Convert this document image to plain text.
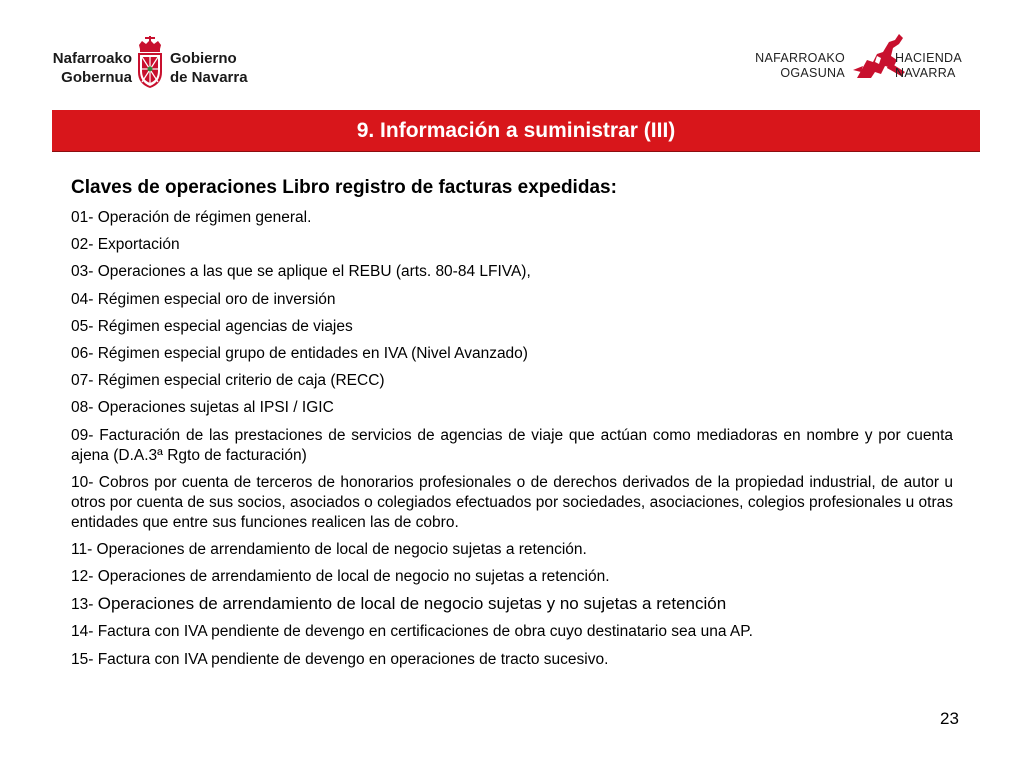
Nafarroako
Gobernua
Gobierno
de Navarra
NAFARROAKO
OGASUNA
HACIENDA
NAVARRA
9. Información a suministrar (III)
Claves de operaciones Libro registro de facturas expedidas:
01- Operación de régimen general.
02- Exportación
03- Operaciones a las que se aplique el REBU (arts. 80-84 LFIVA),
04- Régimen especial oro de inversión
05- Régimen especial agencias de viajes
06- Régimen especial grupo de entidades en IVA (Nivel Avanzado)
07- Régimen especial criterio de caja (RECC)
08- Operaciones sujetas al IPSI / IGIC
09- Facturación de las prestaciones de servicios de agencias de viaje que actúan como mediadoras en nombre y por cuenta ajena (D.A.3ª Rgto de facturación)
10- Cobros por cuenta de terceros de honorarios profesionales o de derechos derivados de la propiedad industrial, de autor u otros por cuenta de sus socios, asociados o colegiados efectuados por sociedades, asociaciones, colegios profesionales u otras entidades que entre sus funciones realicen las de cobro.
11- Operaciones de arrendamiento de local de negocio sujetas a retención.
12- Operaciones de arrendamiento de local de negocio no sujetas a retención.
13- Operaciones de arrendamiento de local de negocio sujetas y no sujetas a retención
14- Factura con IVA pendiente de devengo en certificaciones de obra cuyo destinatario sea una AP.
15- Factura con IVA pendiente de devengo en operaciones de tracto sucesivo.
23
